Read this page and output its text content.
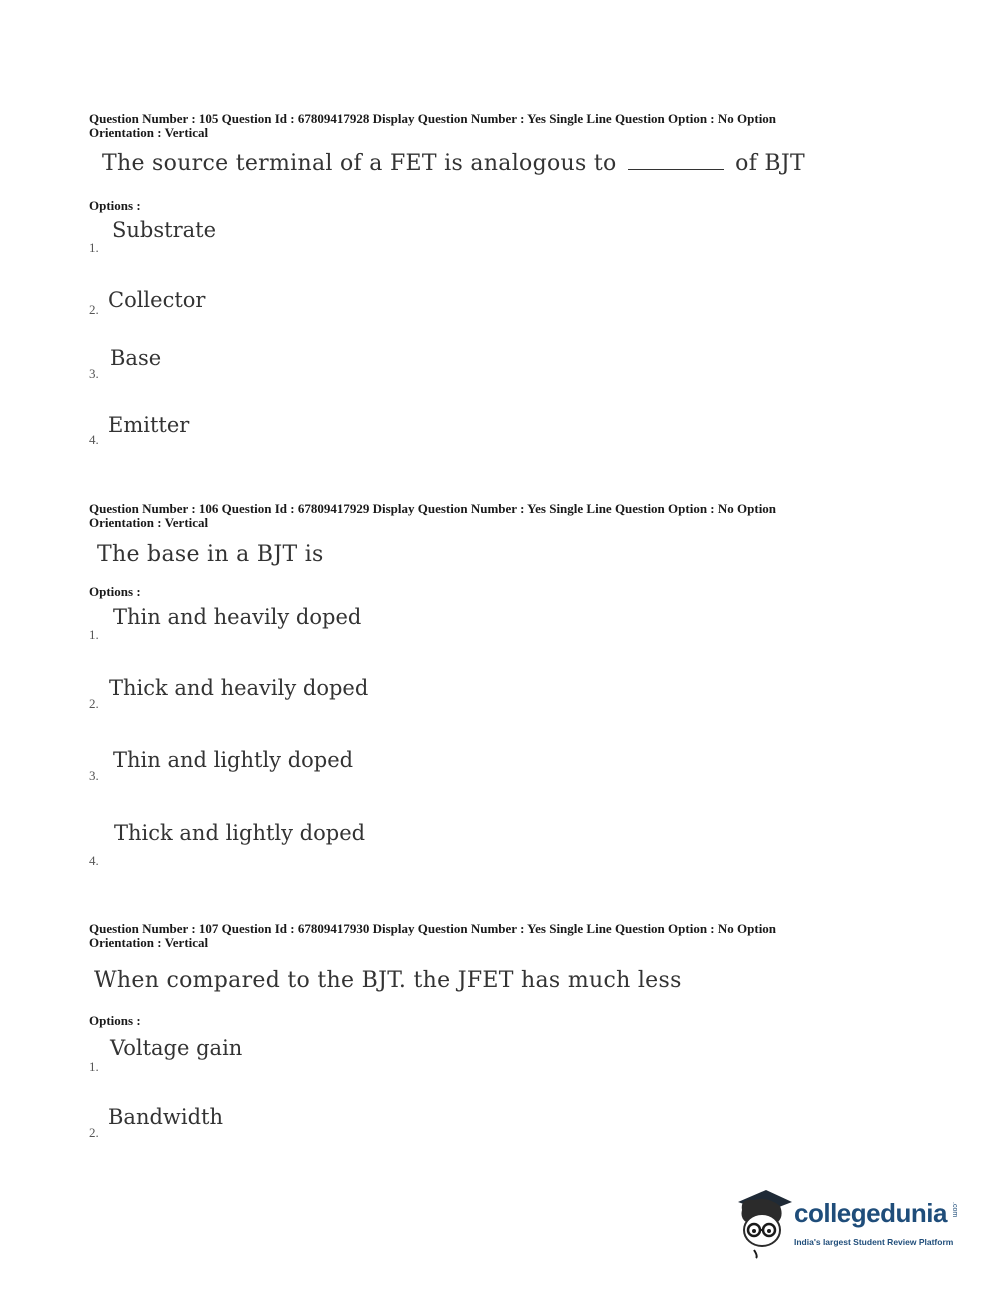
Question Number : 105 Question Id : 67809417928 Display Question Number : Yes Single Line Question Option : No Option
Orientation : Vertical
The source terminal of a FET is analogous to	of BJT
Options :
1.
Substrate
2. Collector
3.
Base
4.
Emitter
Question Number : 106 Question Id : 67809417929 Display Question Number : Yes Single Line Question Option : No Option
Orientation : Vertical
The base in a BJT is
Options :
1.
Thin and heavily doped
2.
Thick and heavily doped
3.
Thin and lightly doped
4.
Thick and lightly doped
Question Number : 107 Question Id : 67809417930 Display Question Number : Yes Single Line Question Option : No Option
Orientation : Vertical
When compared to the BJT. the JFET has much less
Options :
1.
Voltage gain
2.
Bandwidth
collegedunia .com
India's largest Student Review Platform
